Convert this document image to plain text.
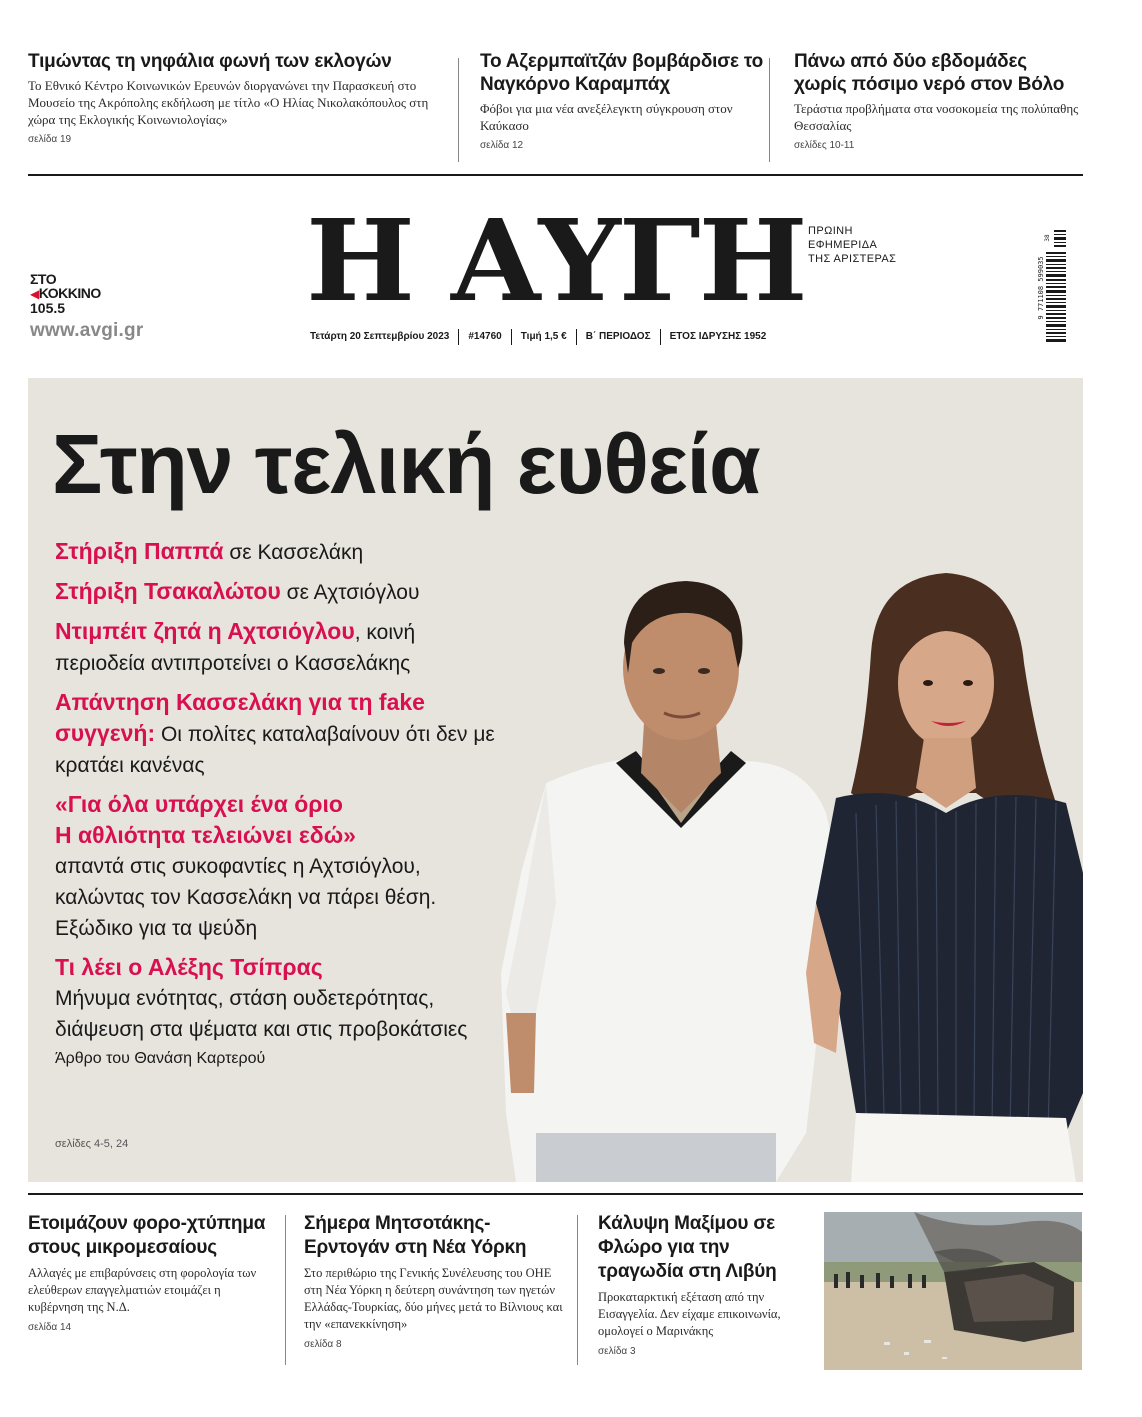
Τιμώντας τη νηφάλια φωνή των εκλογών

Το Εθνικό Κέντρο Κοινωνικών Ερευνών διοργανώνει την Παρασκευή στο Μουσείο της Ακρόπολης εκδήλωση με τίτλο «Ο Ηλίας Νικολακόπουλος στη χώρα της Εκλογικής Κοινωνιολογίας»

σελίδα 19
Το Αζερμπαϊτζάν βομβάρδισε το Ναγκόρνο Καραμπάχ

Φόβοι για μια νέα ανεξέλεγκτη σύγκρουση στον Καύκασο

σελίδα 12
Πάνω από δύο εβδομάδες χωρίς πόσιμο νερό στον Βόλο

Τεράστια προβλήματα στα νοσοκομεία της πολύπαθης Θεσσαλίας

σελίδες 10-11
ΣΤΟ
◀ΚΟΚΚΙΝΟ
105.5
www.avgi.gr
Η ΑΥΓΗ ΠΡΩΙΝΗ
ΕΦΗΜΕΡΙΔΑ
ΤΗΣ ΑΡΙΣΤΕΡΑΣ
Τετάρτη 20 Σεπτεμβρίου 2023	#14760	Τιμή 1,5 €	Β΄ ΠΕΡΙΟΔΟΣ	ΕΤΟΣ ΙΔΡΥΣΗΣ 1952
9 771108 599035
38
Στην τελική ευθεία
Στήριξη Παππά σε Κασσελάκη
Στήριξη Τσακαλώτου σε Αχτσιόγλου
Ντιμπέιτ ζητά η Αχτσιόγλου, κοινή περιοδεία αντιπροτείνει ο Κασσελάκης
Απάντηση Κασσελάκη για τη fake συγγενή: Οι πολίτες καταλαβαίνουν ότι δεν με κρατάει κανένας
«Για όλα υπάρχει ένα όριο
Η αθλιότητα τελειώνει εδώ»
απαντά στις συκοφαντίες η Αχτσιόγλου, καλώντας τον Κασσελάκη να πάρει θέση. Εξώδικο για τα ψεύδη
Τι λέει ο Αλέξης Τσίπρας
Μήνυμα ενότητας, στάση ουδετερότητας, διάψευση στα ψέματα και στις προβοκάτσιες
Άρθρο του Θανάση Καρτερού
σελίδες 4-5, 24
Ετοιμάζουν φορο-χτύπημα στους μικρομεσαίους

Αλλαγές με επιβαρύνσεις στη φορολογία των ελεύθερων επαγγελματιών ετοιμάζει η κυβέρνηση της Ν.Δ.

σελίδα 14
Σήμερα Μητσοτάκης-Ερντογάν στη Νέα Υόρκη

Στο περιθώριο της Γενικής Συνέλευσης του ΟΗΕ στη Νέα Υόρκη η δεύτερη συνάντηση των ηγετών Ελλάδας-Τουρκίας, δύο μήνες μετά το Βίλνιους και την «επανεκκίνηση»

σελίδα 8
Κάλυψη Μαξίμου σε Φλώρο για την τραγωδία στη Λιβύη

Προκαταρκτική εξέταση από την Εισαγγελία. Δεν είχαμε επικοινωνία, ομολογεί ο Μαρινάκης

σελίδα 3
